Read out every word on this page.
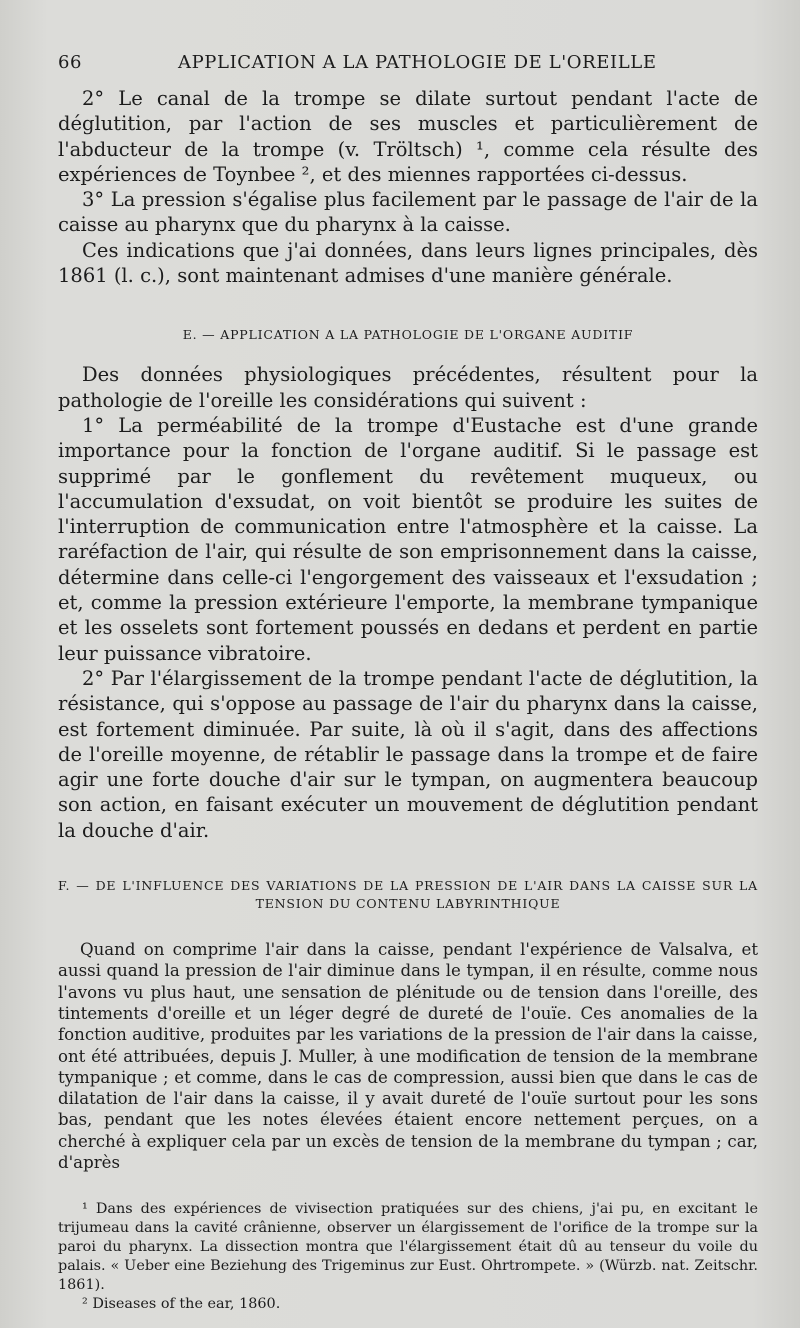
66	APPLICATION A LA PATHOLOGIE DE L'OREILLE

2° Le canal de la trompe se dilate surtout pendant l'acte de déglutition, par l'action de ses muscles et particulièrement de l'abducteur de la trompe (v. Tröltsch) ¹, comme cela résulte des expériences de Toynbee ², et des miennes rapportées ci-dessus.

3° La pression s'égalise plus facilement par le passage de l'air de la caisse au pharynx que du pharynx à la caisse.

Ces indications que j'ai données, dans leurs lignes principales, dès 1861 (l. c.), sont maintenant admises d'une manière générale.

E. — APPLICATION A LA PATHOLOGIE DE L'ORGANE AUDITIF

Des données physiologiques précédentes, résultent pour la pathologie de l'oreille les considérations qui suivent :

1° La perméabilité de la trompe d'Eustache est d'une grande importance pour la fonction de l'organe auditif. Si le passage est supprimé par le gonflement du revêtement muqueux, ou l'accumulation d'exsudat, on voit bientôt se produire les suites de l'interruption de communication entre l'atmosphère et la caisse. La raréfaction de l'air, qui résulte de son emprisonnement dans la caisse, détermine dans celle-ci l'engorgement des vaisseaux et l'exsudation ; et, comme la pression extérieure l'emporte, la membrane tympanique et les osselets sont fortement poussés en dedans et perdent en partie leur puissance vibratoire.

2° Par l'élargissement de la trompe pendant l'acte de déglutition, la résistance, qui s'oppose au passage de l'air du pharynx dans la caisse, est fortement diminuée. Par suite, là où il s'agit, dans des affections de l'oreille moyenne, de rétablir le passage dans la trompe et de faire agir une forte douche d'air sur le tympan, on augmentera beaucoup son action, en faisant exécuter un mouvement de déglutition pendant la douche d'air.

F. — DE L'INFLUENCE DES VARIATIONS DE LA PRESSION DE L'AIR DANS LA CAISSE SUR LA TENSION DU CONTENU LABYRINTHIQUE

Quand on comprime l'air dans la caisse, pendant l'expérience de Valsalva, et aussi quand la pression de l'air diminue dans le tympan, il en résulte, comme nous l'avons vu plus haut, une sensation de plénitude ou de tension dans l'oreille, des tintements d'oreille et un léger degré de dureté de l'ouïe. Ces anomalies de la fonction auditive, produites par les variations de la pression de l'air dans la caisse, ont été attribuées, depuis J. Muller, à une modification de tension de la membrane tympanique ; et comme, dans le cas de compression, aussi bien que dans le cas de dilatation de l'air dans la caisse, il y avait dureté de l'ouïe surtout pour les sons bas, pendant que les notes élevées étaient encore nettement perçues, on a cherché à expliquer cela par un excès de tension de la membrane du tympan ; car, d'après

¹ Dans des expériences de vivisection pratiquées sur des chiens, j'ai pu, en excitant le trijumeau dans la cavité crânienne, observer un élargissement de l'orifice de la trompe sur la paroi du pharynx. La dissection montra que l'élargissement était dû au tenseur du voile du palais. « Ueber eine Beziehung des Trigeminus zur Eust. Ohrtrompete. » (Würzb. nat. Zeitschr. 1861).

² Diseases of the ear, 1860.
